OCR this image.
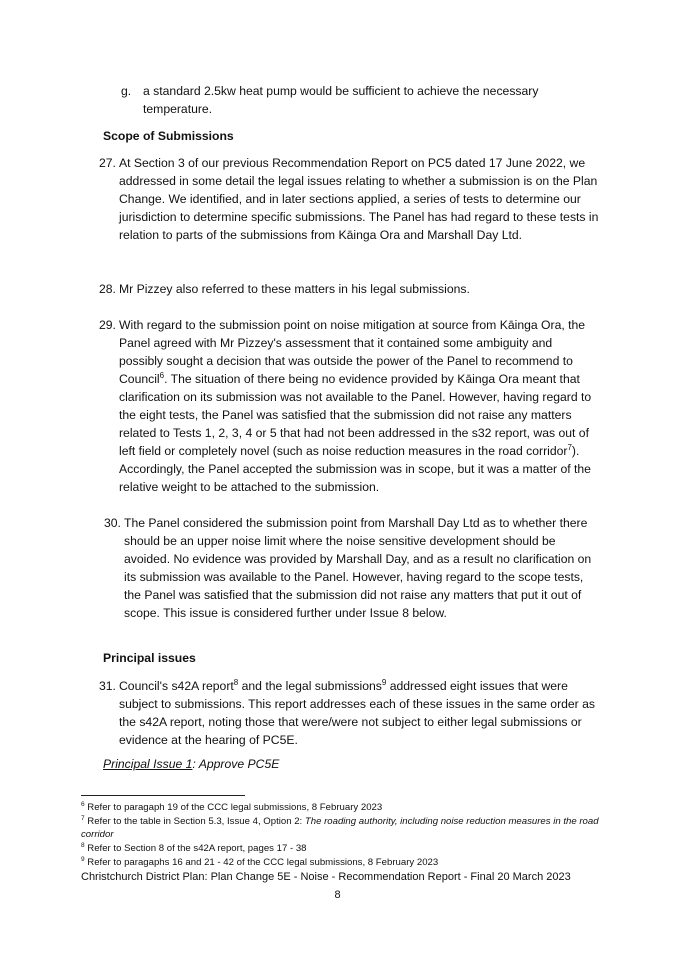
g. a standard 2.5kw heat pump would be sufficient to achieve the necessary temperature.
Scope of Submissions
27. At Section 3 of our previous Recommendation Report on PC5 dated 17 June 2022, we addressed in some detail the legal issues relating to whether a submission is on the Plan Change. We identified, and in later sections applied, a series of tests to determine our jurisdiction to determine specific submissions. The Panel has had regard to these tests in relation to parts of the submissions from Kāinga Ora and Marshall Day Ltd.
28. Mr Pizzey also referred to these matters in his legal submissions.
29. With regard to the submission point on noise mitigation at source from Kāinga Ora, the Panel agreed with Mr Pizzey's assessment that it contained some ambiguity and possibly sought a decision that was outside the power of the Panel to recommend to Council$^6$. The situation of there being no evidence provided by Kāinga Ora meant that clarification on its submission was not available to the Panel. However, having regard to the eight tests, the Panel was satisfied that the submission did not raise any matters related to Tests 1, 2, 3, 4 or 5 that had not been addressed in the s32 report, was out of left field or completely novel (such as noise reduction measures in the road corridor$^7$). Accordingly, the Panel accepted the submission was in scope, but it was a matter of the relative weight to be attached to the submission.
30. The Panel considered the submission point from Marshall Day Ltd as to whether there should be an upper noise limit where the noise sensitive development should be avoided. No evidence was provided by Marshall Day, and as a result no clarification on its submission was available to the Panel. However, having regard to the scope tests, the Panel was satisfied that the submission did not raise any matters that put it out of scope. This issue is considered further under Issue 8 below.
Principal issues
31. Council's s42A report$^8$ and the legal submissions$^9$ addressed eight issues that were subject to submissions. This report addresses each of these issues in the same order as the s42A report, noting those that were/were not subject to either legal submissions or evidence at the hearing of PC5E.
Principal Issue 1: Approve PC5E
$^6$ Refer to paragaph 19 of the CCC legal submissions, 8 February 2023
$^7$ Refer to the table in Section 5.3, Issue 4, Option 2: The roading authority, including noise reduction measures in the road corridor
$^8$ Refer to Section 8 of the s42A report, pages 17 - 38
$^9$ Refer to paragaphs 16 and 21 - 42 of the CCC legal submissions, 8 February 2023
Christchurch District Plan: Plan Change 5E - Noise - Recommendation Report - Final 20 March 2023
8
